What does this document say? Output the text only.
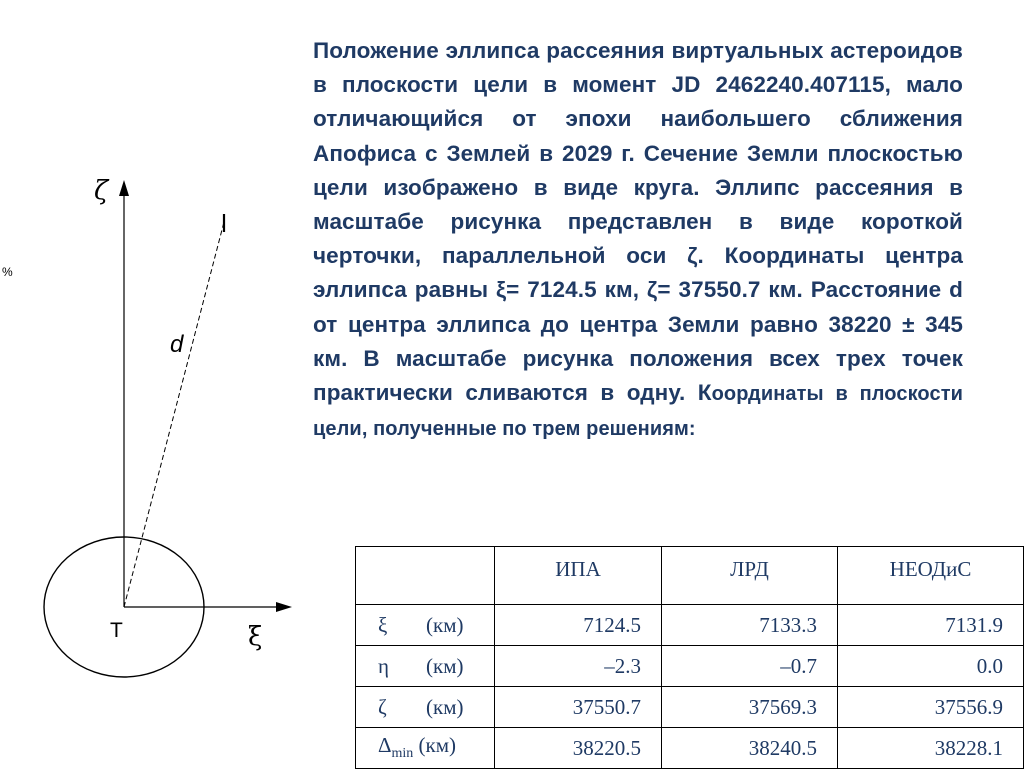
ζ
ξ
T
d
I
%

Положение эллипса рассеяния виртуальных астероидов в плоскости цели в момент JD 2462240.407115, мало отличающийся от эпохи наибольшего сближения Апофиса с Землей в 2029 г. Сечение Земли плоскостью цели изображено в виде круга. Эллипс рассеяния в масштабе рисунка представлен в виде короткой черточки, параллельной оси ζ. Координаты центра эллипса равны ξ= 7124.5 км, ζ= 37550.7 км. Расстояние d от центра эллипса до центра Земли равно 38220 ± 345 км. В масштабе рисунка положения всех трех точек практически сливаются в одну. Координаты в плоскости цели, полученные по трем решениям:

	ИПА	ЛРД	НЕОДиС
ξ (км)	7124.5	7133.3	7131.9
η (км)	–2.3	–0.7	0.0
ζ (км)	37550.7	37569.3	37556.9
$\Delta_{min}$ (км)	38220.5	38240.5	38228.1
